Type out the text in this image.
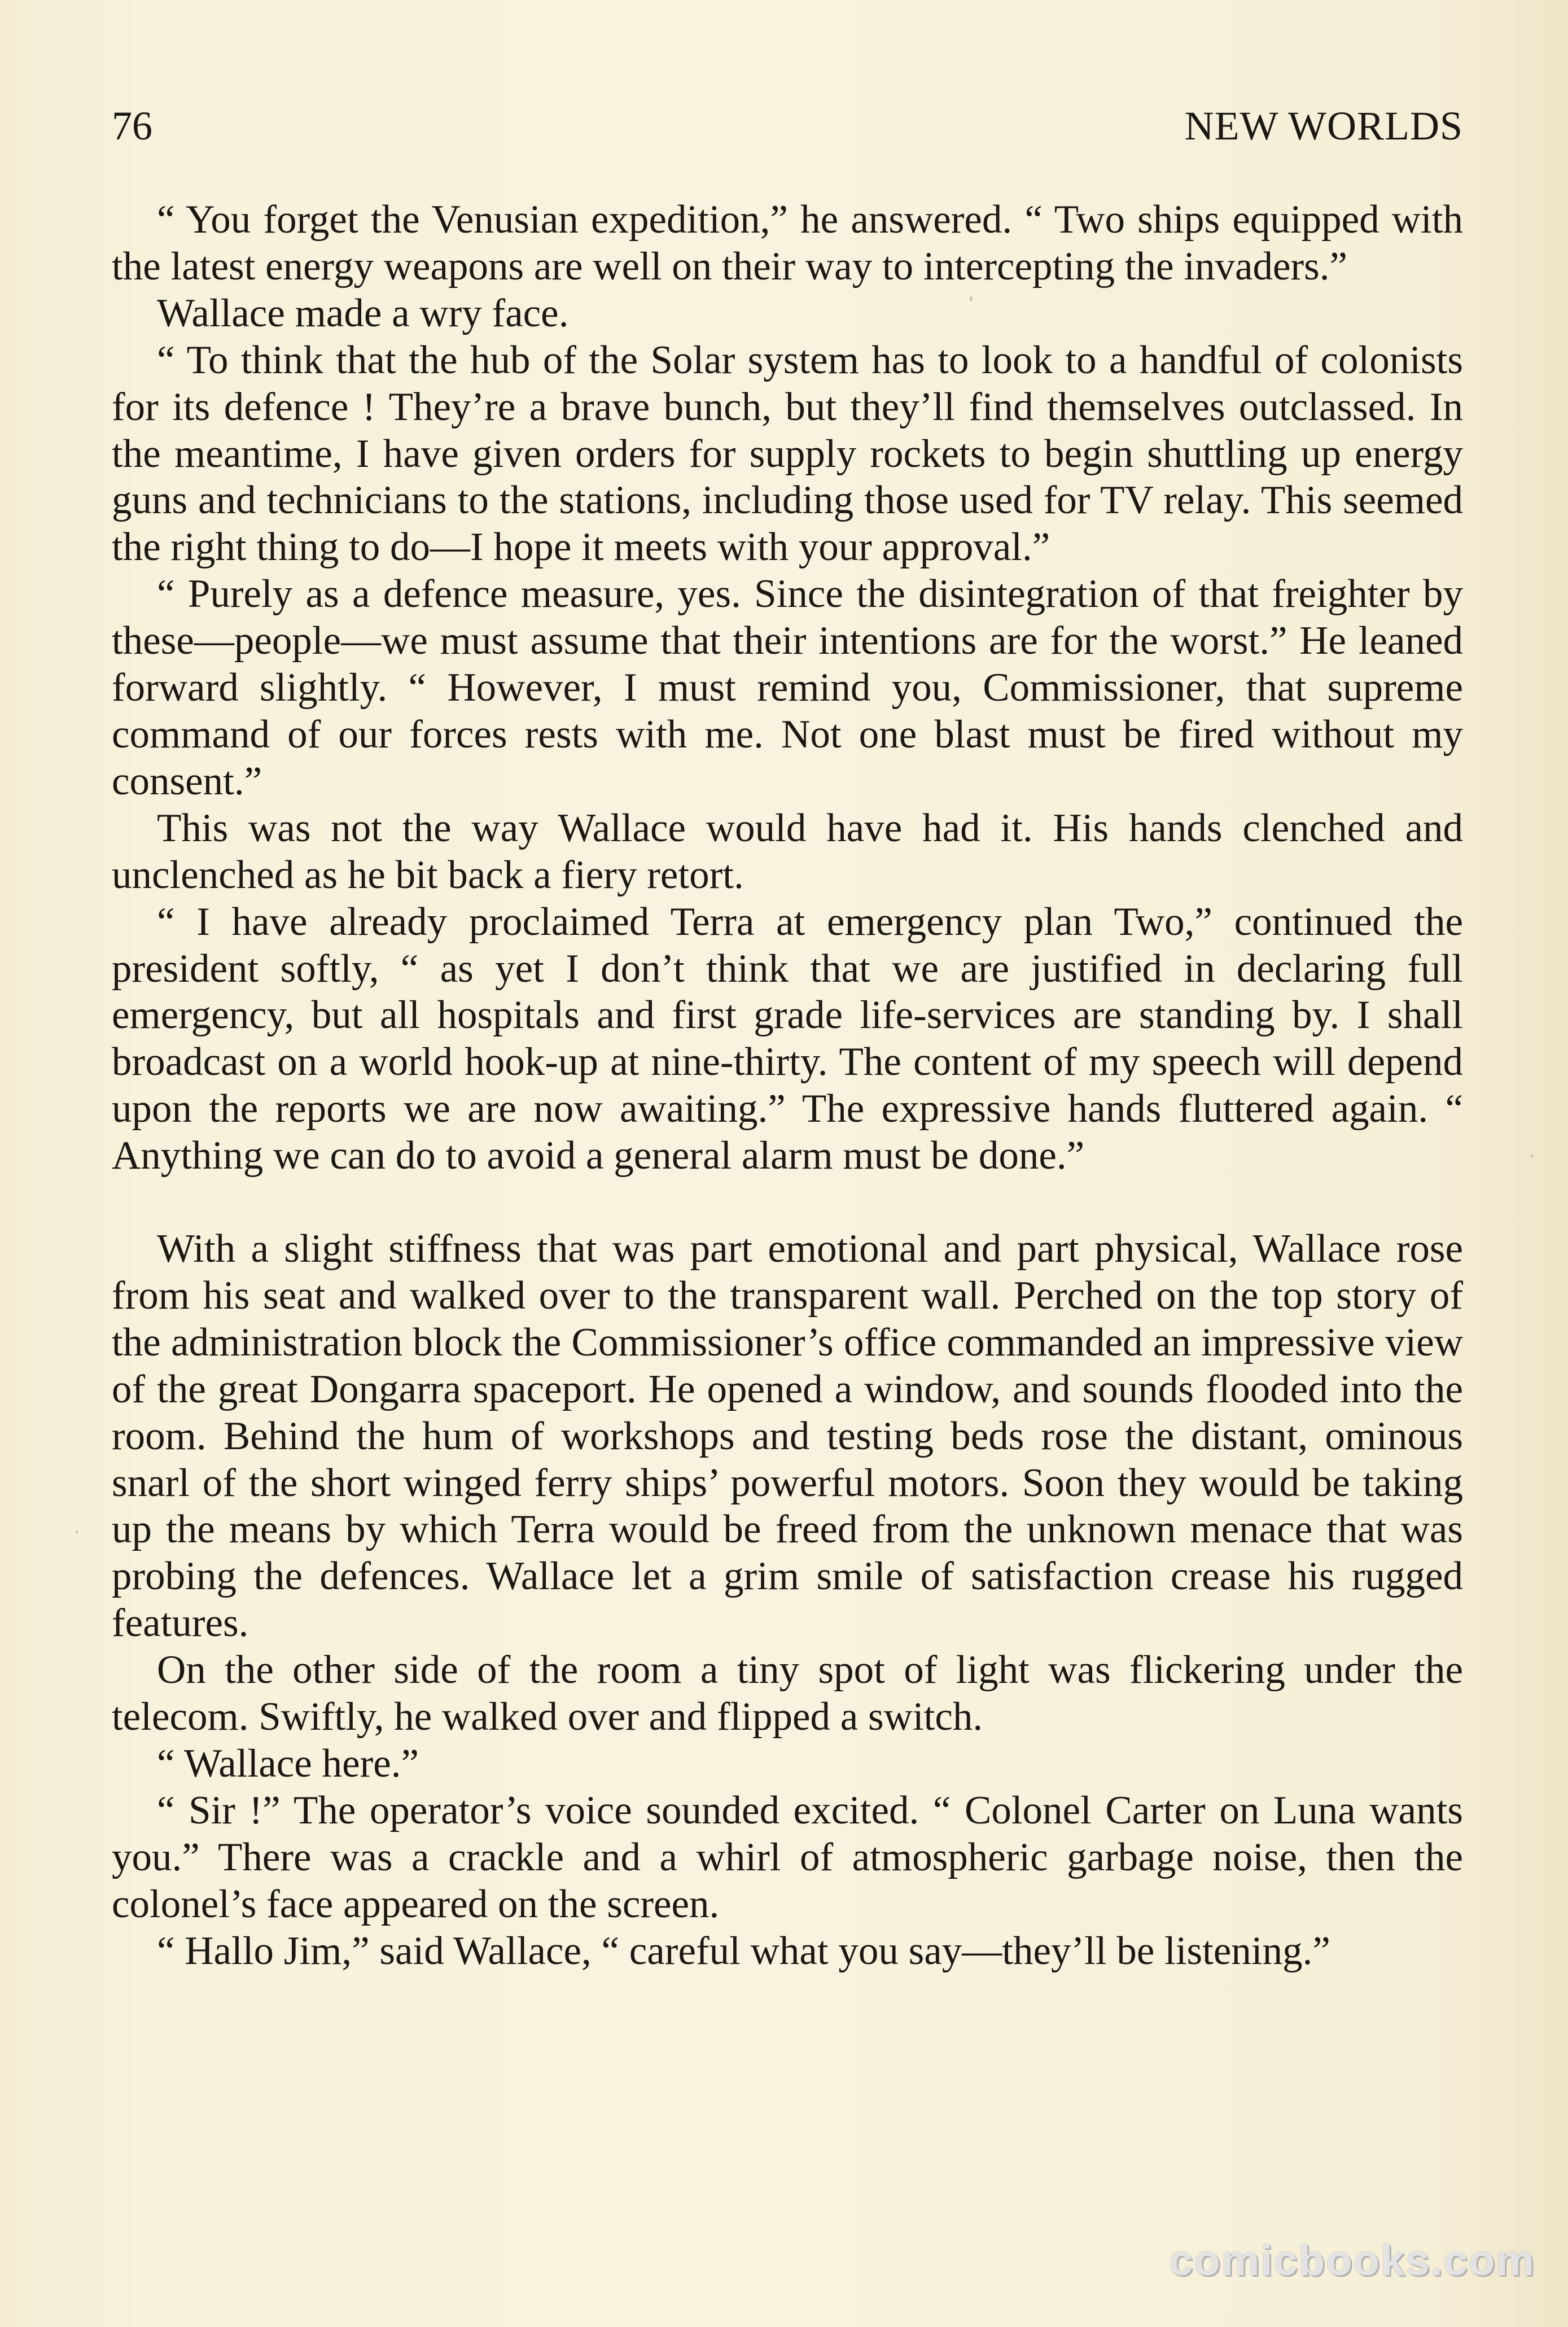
76	NEW WORLDS

“ You forget the Venusian expedition,” he answered. “ Two ships equipped with the latest energy weapons are well on their way to intercepting the invaders.”

Wallace made a wry face.

“ To think that the hub of the Solar system has to look to a handful of colonists for its defence ! They’re a brave bunch, but they’ll find themselves outclassed. In the meantime, I have given orders for supply rockets to begin shuttling up energy guns and technicians to the stations, including those used for TV relay. This seemed the right thing to do—I hope it meets with your approval.”

“ Purely as a defence measure, yes. Since the disintegration of that freighter by these—people—we must assume that their intentions are for the worst.” He leaned forward slightly. “ However, I must remind you, Commissioner, that supreme command of our forces rests with me. Not one blast must be fired without my consent.”

This was not the way Wallace would have had it. His hands clenched and unclenched as he bit back a fiery retort.

“ I have already proclaimed Terra at emergency plan Two,” continued the president softly, “ as yet I don’t think that we are justified in declaring full emergency, but all hospitals and first grade life-services are standing by. I shall broadcast on a world hook-up at nine-thirty. The content of my speech will depend upon the reports we are now awaiting.” The expressive hands fluttered again. “ Anything we can do to avoid a general alarm must be done.”

With a slight stiffness that was part emotional and part physical, Wallace rose from his seat and walked over to the transparent wall. Perched on the top story of the administration block the Commissioner’s office commanded an impressive view of the great Dongarra spaceport. He opened a window, and sounds flooded into the room. Behind the hum of workshops and testing beds rose the distant, ominous snarl of the short winged ferry ships’ powerful motors. Soon they would be taking up the means by which Terra would be freed from the unknown menace that was probing the defences. Wallace let a grim smile of satisfaction crease his rugged features.

On the other side of the room a tiny spot of light was flickering under the telecom. Swiftly, he walked over and flipped a switch.

“ Wallace here.”

“ Sir !” The operator’s voice sounded excited. “ Colonel Carter on Luna wants you.” There was a crackle and a whirl of atmospheric garbage noise, then the colonel’s face appeared on the screen.

“ Hallo Jim,” said Wallace, “ careful what you say—they’ll be listening.”

comicbooks.com
